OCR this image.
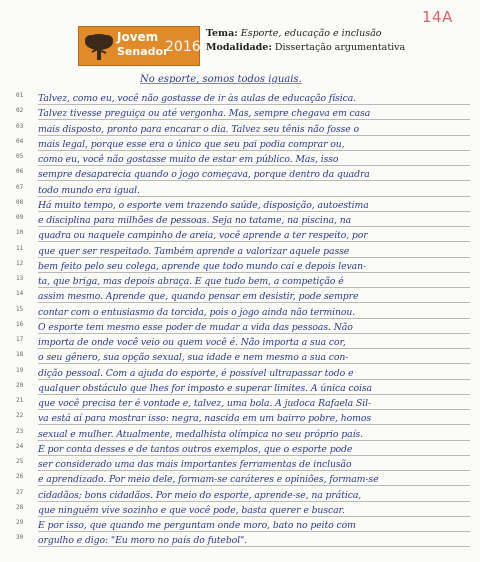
Jovem
Senador
2016
Tema: Esporte, educação e inclusão
Modalidade: Dissertação argumentativa
14A
No esporte, somos todos iguais.
01	Talvez, como eu, você não gostasse de ir às aulas de educação física.
02	Talvez tivesse preguiça ou até vergonha. Mas, sempre chegava em casa
03	mais disposto, pronto para encarar o dia. Talvez seu tênis não fosse o
04	mais legal, porque esse era o único que seu pai podia comprar ou,
05	como eu, você não gostasse muito de estar em público. Mas, isso
06	sempre desaparecia quando o jogo começava, porque dentro da quadra
07	todo mundo era igual.
08	Há muito tempo, o esporte vem trazendo saúde, disposição, autoestima
09	e disciplina para milhões de pessoas. Seja no tatame, na piscina, na
10	quadra ou naquele campinho de areia, você aprende a ter respeito, por
11	que quer ser respeitado. Também aprende a valorizar aquele passe
12	bem feito pelo seu colega, aprende que todo mundo cai e depois levan-
13	ta, que briga, mas depois abraça. E que tudo bem, a competição é
14	assim mesmo. Aprende que, quando pensar em desistir, pode sempre
15	contar com o entusiasmo da torcida, pois o jogo ainda não terminou.
16	O esporte tem mesmo esse poder de mudar a vida das pessoas. Não
17	importa de onde você veio ou quem você é. Não importa a sua cor,
18	o seu gênero, sua opção sexual, sua idade e nem mesmo a sua con-
19	dição pessoal. Com a ajuda do esporte, é possível ultrapassar todo e
20	qualquer obstáculo que lhes for imposto e superar limites. A única coisa
21	que você precisa ter é vontade e, talvez, uma bola. A judoca Rafaela Sil-
22	va está aí para mostrar isso: negra, nascida em um bairro pobre, homos
23	sexual e mulher. Atualmente, medalhista olímpica no seu próprio país.
24	É por conta desses e de tantos outros exemplos, que o esporte pode
25	ser considerado uma das mais importantes ferramentas de inclusão
26	e aprendizado. Por meio dele, formam-se caráteres e opiniões, formam-se
27	cidadãos; bons cidadãos. Por meio do esporte, aprende-se, na prática,
28	que ninguém vive sozinho e que você pode, basta querer e buscar.
29	E por isso, que quando me perguntam onde moro, bato no peito com
30	orgulho e digo: "Eu moro no país do futebol".
